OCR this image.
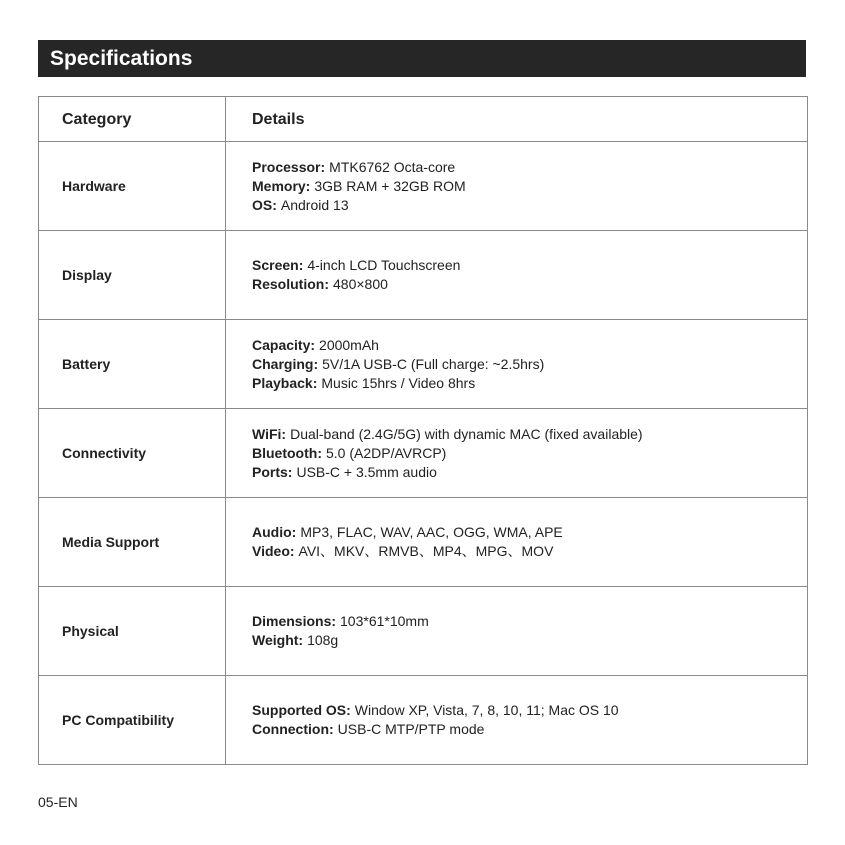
Specifications
Category	Details
Hardware	Processor: MTK6762 Octa-core
Memory: 3GB RAM + 32GB ROM
OS: Android 13

Display	Screen: 4-inch LCD Touchscreen
Resolution: 480×800

Battery	Capacity: 2000mAh
Charging: 5V/1A USB-C (Full charge: ~2.5hrs)
Playback: Music 15hrs / Video 8hrs

Connectivity	WiFi: Dual-band (2.4G/5G) with dynamic MAC (fixed available)
Bluetooth: 5.0 (A2DP/AVRCP)
Ports: USB-C + 3.5mm audio

Media Support	Audio: MP3, FLAC, WAV, AAC, OGG, WMA, APE
Video: AVI、MKV、RMVB、MP4、MPG、MOV

Physical	Dimensions: 103*61*10mm
Weight: 108g

PC Compatibility	Supported OS: Window XP, Vista, 7, 8, 10, 11; Mac OS 10
Connection: USB-C MTP/PTP mode
05-EN
